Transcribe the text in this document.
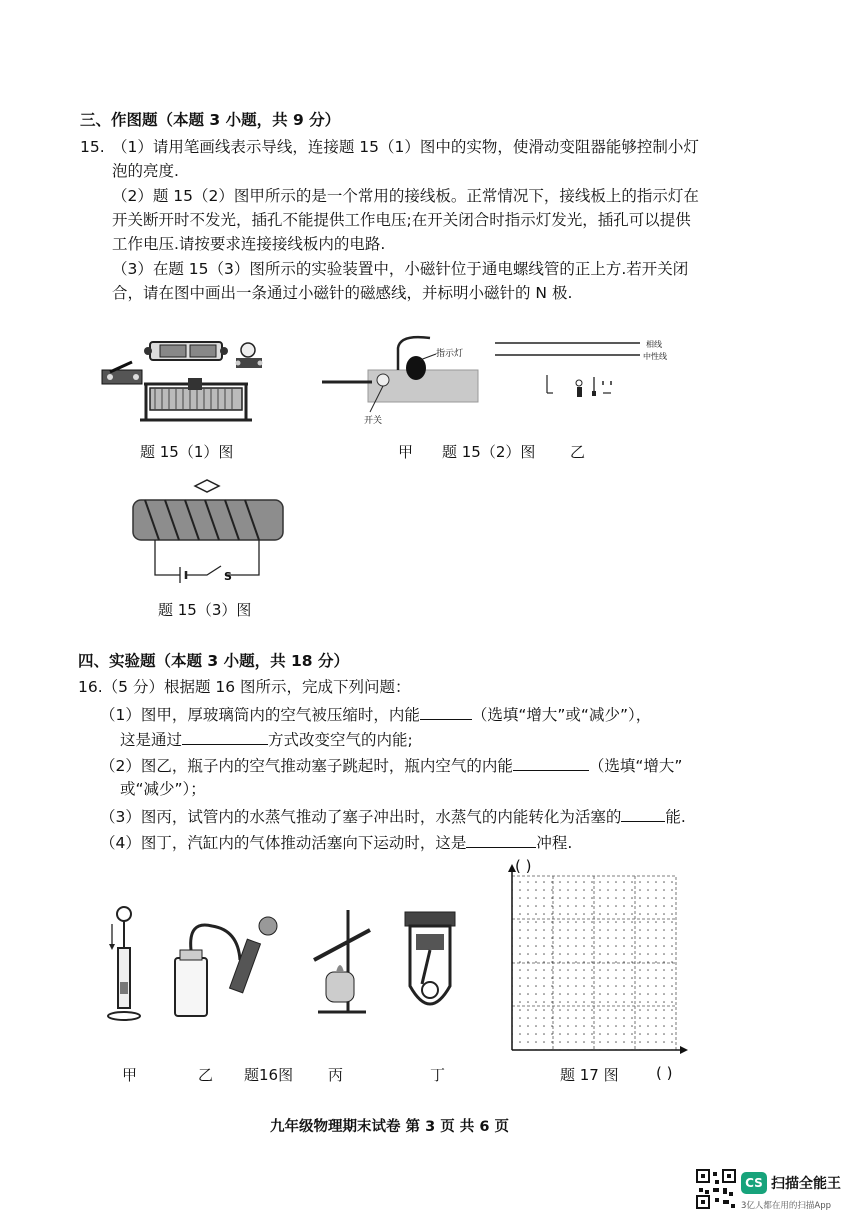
三、作图题（本题 3 小题，共 9 分）
15. （1）请用笔画线表示导线，连接题 15（1）图中的实物，使滑动变阻器能够控制小灯
泡的亮度.
（2）题 15（2）图甲所示的是一个常用的接线板。正常情况下，接线板上的指示灯在
开关断开时不发光，插孔不能提供工作电压;在开关闭合时指示灯发光，插孔可以提供
工作电压.请按要求连接接线板内的电路.
（3）在题 15（3）图所示的实验装置中，小磁针位于通电螺线管的正上方.若开关闭
合，请在图中画出一条通过小磁针的磁感线，并标明小磁针的 N 极.
题 15（1）图
指示灯
开关
相线
中性线
甲 题 15（2）图 乙
S
题 15（3）图
四、实验题（本题 3 小题，共 18 分）
16.（5 分）根据题 16 图所示，完成下列问题：
（1）图甲，厚玻璃筒内的空气被压缩时，内能	（选填“增大”或“减少”），
这是通过	方式改变空气的内能;
（2）图乙，瓶子内的空气推动塞子跳起时，瓶内空气的内能	（选填“增大”
或“减少”）；
（3）图丙，试管内的水蒸气推动了塞子冲出时，水蒸气的内能转化为活塞的	能.
（4）图丁，汽缸内的气体推动活塞向下运动时，这是	冲程.
甲	乙 题16图 丙	丁
( )
题 17 图 ( )
九年级物理期末试卷 第 3 页 共 6 页
CS 扫描全能王
3亿人都在用的扫描App
